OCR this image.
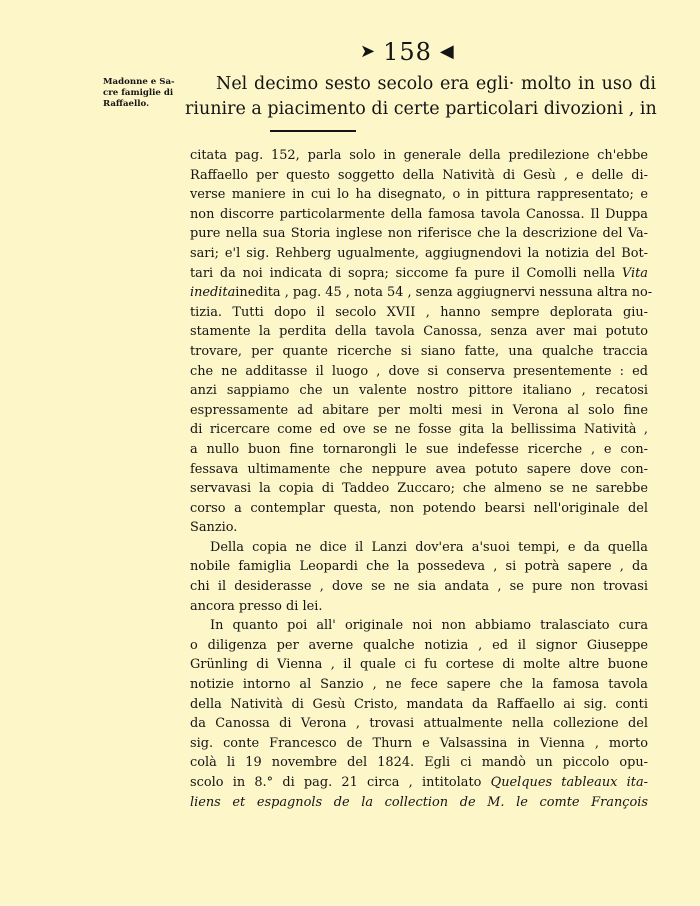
➤ 158 ◀
Madonne e Sa-
cre famiglie di
Raffaello.
Nel decimo sesto secolo era egli· molto in uso di
riunire a piacimento di certe particolari divozioni , in
citata pag. 152, parla solo in generale della predilezione ch'ebbe
Raffaello per questo soggetto della Natività di Gesù , e delle di-
verse maniere in cui lo ha disegnato, o in pittura rappresentato; e
non discorre particolarmente della famosa tavola Canossa. Il Duppa
pure nella sua Storia inglese non riferisce che la descrizione del Va-
sari; e'l sig. Rehberg ugualmente, aggiugnendovi la notizia del Bot-
tari da noi indicata di sopra; siccome fa pure il Comolli nella Vita
ineditainedita , pag. 45 , nota 54 , senza aggiugnervi nessuna altra no-
tizia. Tutti dopo il secolo XVII , hanno sempre deplorata giu-
stamente la perdita della tavola Canossa, senza aver mai potuto
trovare, per quante ricerche si siano fatte, una qualche traccia
che ne additasse il luogo , dove si conserva presentemente : ed
anzi sappiamo che un valente nostro pittore italiano , recatosi
espressamente ad abitare per molti mesi in Verona al solo fine
di ricercare come ed ove se ne fosse gita la bellissima Natività ,
a nullo buon fine tornarongli le sue indefesse ricerche , e con-
fessava ultimamente che neppure avea potuto sapere dove con-
servavasi la copia di Taddeo Zuccaro; che almeno se ne sarebbe
corso a contemplar questa, non potendo bearsi nell'originale del
Sanzio.
Della copia ne dice il Lanzi dov'era a'suoi tempi, e da quella
nobile famiglia Leopardi che la possedeva , si potrà sapere , da
chi il desiderasse , dove se ne sia andata , se pure non trovasi
ancora presso di lei.
In quanto poi all' originale noi non abbiamo tralasciato cura
o diligenza per averne qualche notizia , ed il signor Giuseppe
Grünling di Vienna , il quale ci fu cortese di molte altre buone
notizie intorno al Sanzio , ne fece sapere che la famosa tavola
della Natività di Gesù Cristo, mandata da Raffaello ai sig. conti
da Canossa di Verona , trovasi attualmente nella collezione del
sig. conte Francesco de Thurn e Valsassina in Vienna , morto
colà li 19 novembre del 1824. Egli ci mandò un piccolo opu-
scolo in 8.° di pag. 21 circa , intitolato Quelques tableaux ita-
liens et espagnols de la collection de M. le comte François
